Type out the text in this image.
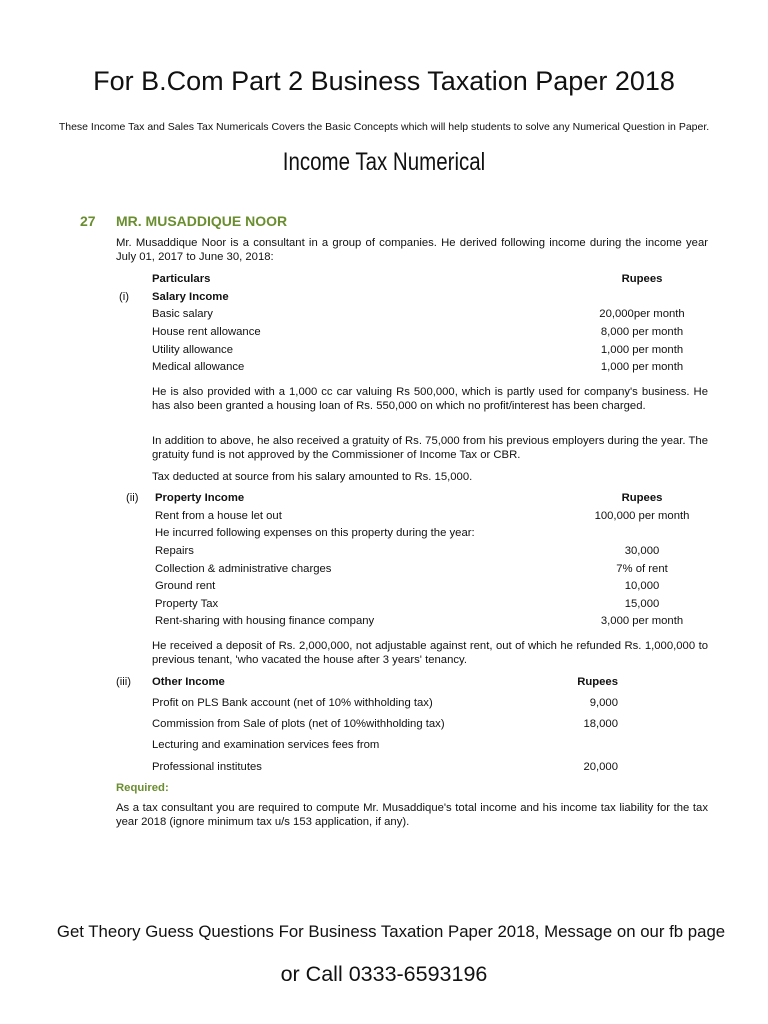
For B.Com Part 2 Business Taxation Paper 2018
These Income Tax and Sales Tax Numericals Covers the Basic Concepts which will help students to solve any Numerical Question in Paper.
Income Tax Numerical
27 MR. MUSADDIQUE NOOR
Mr. Musaddique Noor is a consultant in a group of companies. He derived following income during the income year July 01, 2017 to June 30, 2018:
Particulars	Rupees
(i) Salary Income
Basic salary	20,000per month
House rent allowance	8,000 per month
Utility allowance	1,000 per month
Medical allowance	1,000 per month
He is also provided with a 1,000 cc car valuing Rs 500,000, which is partly used for company's business. He has also been granted a housing loan of Rs. 550,000 on which no profit/interest has been charged.
In addition to above, he also received a gratuity of Rs. 75,000 from his previous employers during the year. The gratuity fund is not approved by the Commissioner of Income Tax or CBR.
Tax deducted at source from his salary amounted to Rs. 15,000.
(ii) Property Income	Rupees
Rent from a house let out	100,000 per month
He incurred following expenses on this property during the year:
Repairs	30,000
Collection & administrative charges	7% of rent
Ground rent	10,000
Property Tax	15,000
Rent-sharing with housing finance company	3,000 per month
He received a deposit of Rs. 2,000,000, not adjustable against rent, out of which he refunded Rs. 1,000,000 to previous tenant, 'who vacated the house after 3 years' tenancy.
(iii) Other Income	Rupees
Profit on PLS Bank account (net of 10% withholding tax)	9,000
Commission from Sale of plots (net of 10%withholding tax)	18,000
Lecturing and examination services fees from
Professional institutes	20,000
Required:
As a tax consultant you are required to compute Mr. Musaddique's total income and his income tax liability for the tax year 2018 (ignore minimum tax u/s 153 application, if any).
Get Theory Guess Questions For Business Taxation Paper 2018, Message on our fb page
or Call 0333-6593196
